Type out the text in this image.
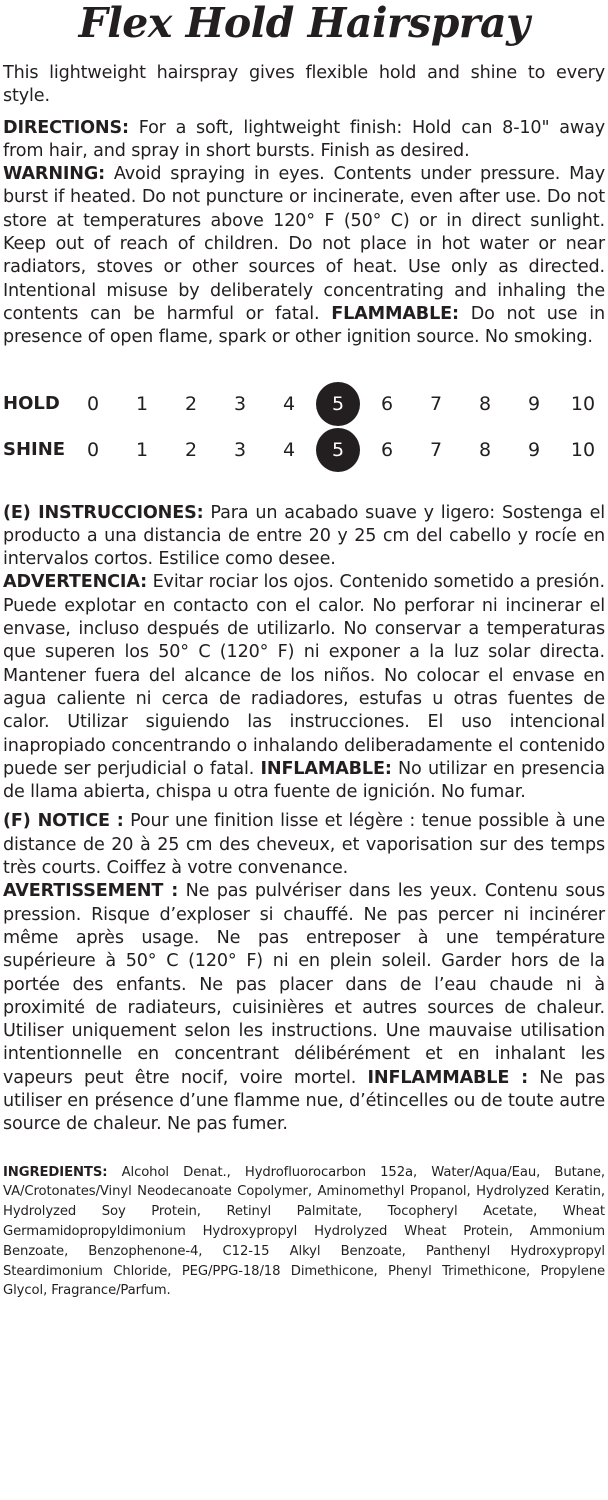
Flex Hold Hairspray

This lightweight hairspray gives flexible hold and shine to every style.

DIRECTIONS: For a soft, lightweight finish: Hold can 8-10" away from hair, and spray in short bursts. Finish as desired.
WARNING: Avoid spraying in eyes. Contents under pressure. May burst if heated. Do not puncture or incinerate, even after use. Do not store at temperatures above 120° F (50° C) or in direct sunlight. Keep out of reach of children. Do not place in hot water or near radiators, stoves or other sources of heat. Use only as directed. Intentional misuse by deliberately concentrating and inhaling the contents can be harmful or fatal. FLAMMABLE: Do not use in presence of open flame, spark or other ignition source. No smoking.

HOLD	0	1	2	3	4	5	6	7	8	9	10
SHINE	0	1	2	3	4	5	6	7	8	9	10

(E) INSTRUCCIONES: Para un acabado suave y ligero: Sostenga el producto a una distancia de entre 20 y 25 cm del cabello y rocíe en intervalos cortos. Estilice como desee.
ADVERTENCIA: Evitar rociar los ojos. Contenido sometido a presión. Puede explotar en contacto con el calor. No perforar ni incinerar el envase, incluso después de utilizarlo. No conservar a temperaturas que superen los 50° C (120° F) ni exponer a la luz solar directa. Mantener fuera del alcance de los niños. No colocar el envase en agua caliente ni cerca de radiadores, estufas u otras fuentes de calor. Utilizar siguiendo las instrucciones. El uso intencional inapropiado concentrando o inhalando deliberadamente el contenido puede ser perjudicial o fatal. INFLAMABLE: No utilizar en presencia de llama abierta, chispa u otra fuente de ignición. No fumar.

(F) NOTICE : Pour une finition lisse et légère : tenue possible à une distance de 20 à 25 cm des cheveux, et vaporisation sur des temps très courts. Coiffez à votre convenance.
AVERTISSEMENT : Ne pas pulvériser dans les yeux. Contenu sous pression. Risque d’exploser si chauffé. Ne pas percer ni incinérer même après usage. Ne pas entreposer à une température supérieure à 50° C (120° F) ni en plein soleil. Garder hors de la portée des enfants. Ne pas placer dans de l’eau chaude ni à proximité de radiateurs, cuisinières et autres sources de chaleur. Utiliser uniquement selon les instructions. Une mauvaise utilisation intentionnelle en concentrant délibérément et en inhalant les vapeurs peut être nocif, voire mortel. INFLAMMABLE : Ne pas utiliser en présence d’une flamme nue, d’étincelles ou de toute autre source de chaleur. Ne pas fumer.

INGREDIENTS: Alcohol Denat., Hydrofluorocarbon 152a, Water/Aqua/Eau, Butane, VA/Crotonates/Vinyl Neodecanoate Copolymer, Aminomethyl Propanol, Hydrolyzed Keratin, Hydrolyzed Soy Protein, Retinyl Palmitate, Tocopheryl Acetate, Wheat Germamidopropyldimonium Hydroxypropyl Hydrolyzed Wheat Protein, Ammonium Benzoate, Benzophenone-4, C12-15 Alkyl Benzoate, Panthenyl Hydroxypropyl Steardimonium Chloride, PEG/PPG-18/18 Dimethicone, Phenyl Trimethicone, Propylene Glycol, Fragrance/Parfum.
